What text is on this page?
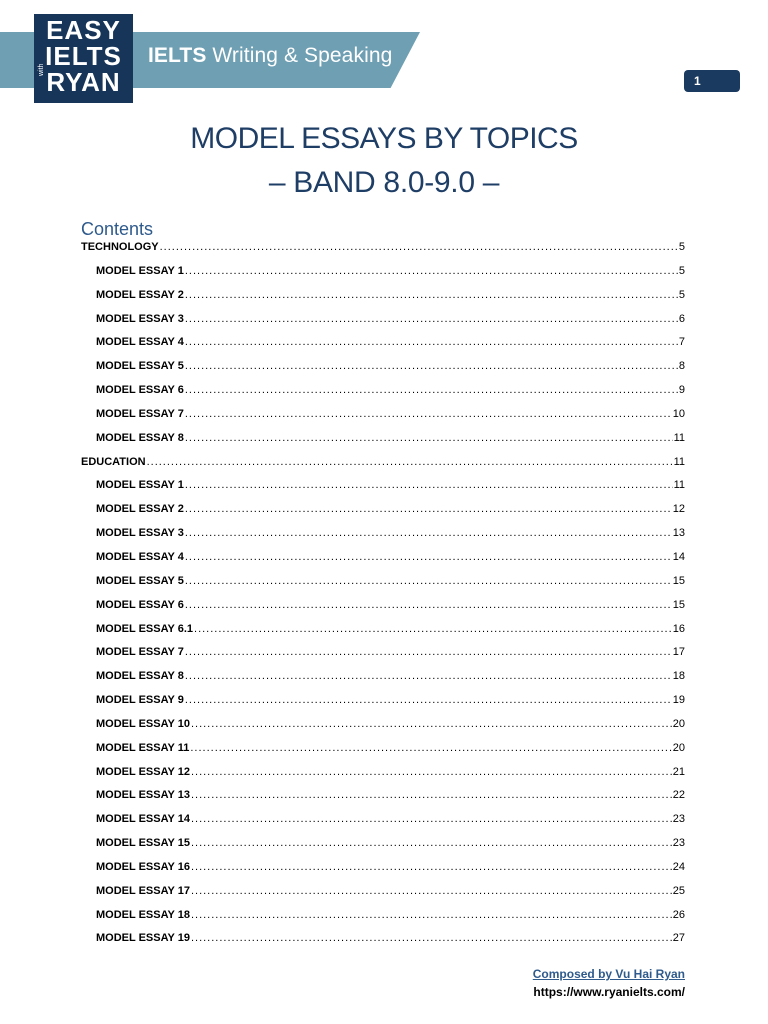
IELTS Writing & Speaking
EASY
IELTS
RYAN
with
1
MODEL ESSAYS BY TOPICS
– BAND 8.0-9.0 –
Contents
TECHNOLOGY .....	5
MODEL ESSAY 1 .....	5
MODEL ESSAY 2 .....	5
MODEL ESSAY 3 .....	6
MODEL ESSAY 4 .....	7
MODEL ESSAY 5 .....	8
MODEL ESSAY 6 .....	9
MODEL ESSAY 7 .....	10
MODEL ESSAY 8 .....	11
EDUCATION .....	11
MODEL ESSAY 1 .....	11
MODEL ESSAY 2 .....	12
MODEL ESSAY 3 .....	13
MODEL ESSAY 4 .....	14
MODEL ESSAY 5 .....	15
MODEL ESSAY 6 .....	15
MODEL ESSAY 6.1 .....	16
MODEL ESSAY 7 .....	17
MODEL ESSAY 8 .....	18
MODEL ESSAY 9 .....	19
MODEL ESSAY 10 .....	20
MODEL ESSAY 11 .....	20
MODEL ESSAY 12 .....	21
MODEL ESSAY 13 .....	22
MODEL ESSAY 14 .....	23
MODEL ESSAY 15 .....	23
MODEL ESSAY 16 .....	24
MODEL ESSAY 17 .....	25
MODEL ESSAY 18 .....	26
MODEL ESSAY 19 .....	27
Composed by Vu Hai Ryan
https://www.ryanielts.com/
